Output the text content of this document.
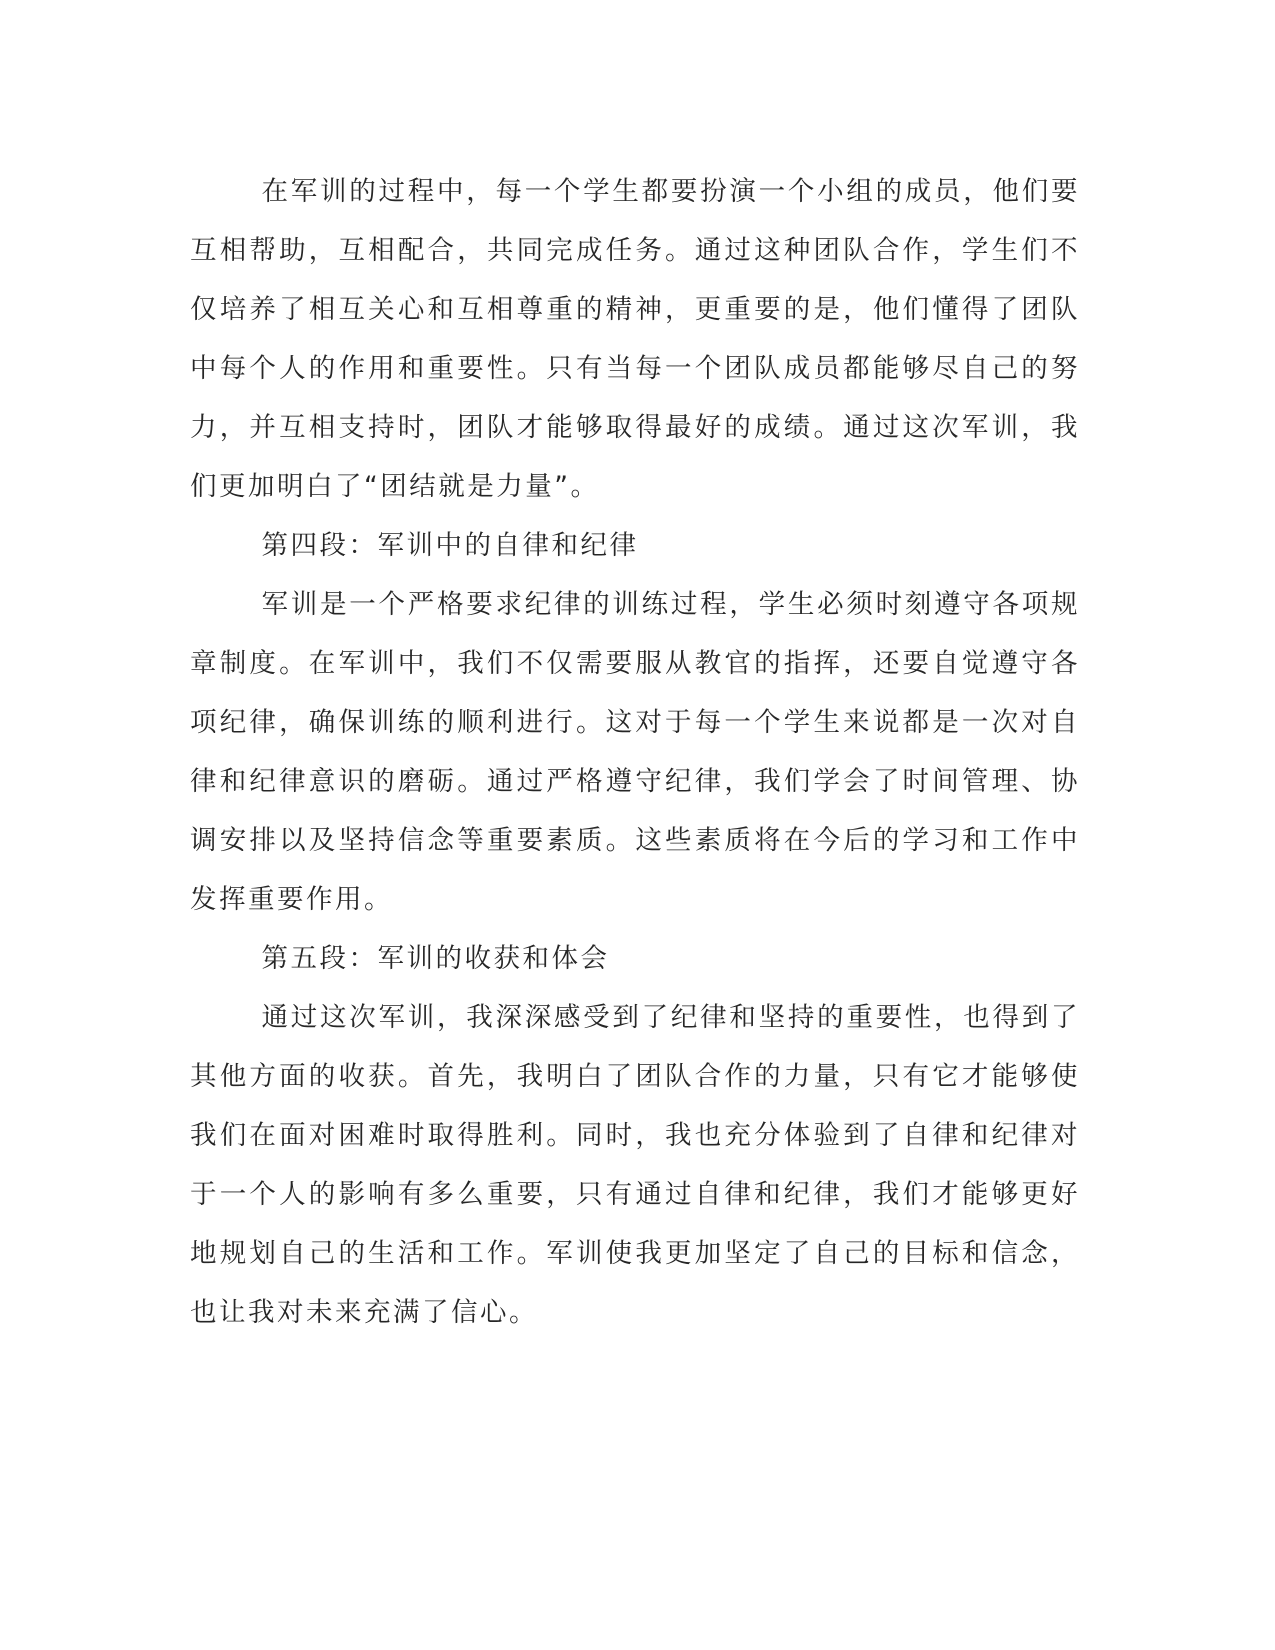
在军训的过程中，每一个学生都要扮演一个小组的成员，他们要互相帮助，互相配合，共同完成任务。通过这种团队合作，学生们不仅培养了相互关心和互相尊重的精神，更重要的是，他们懂得了团队中每个人的作用和重要性。只有当每一个团队成员都能够尽自己的努力，并互相支持时，团队才能够取得最好的成绩。通过这次军训，我们更加明白了“团结就是力量”。

第四段：军训中的自律和纪律

军训是一个严格要求纪律的训练过程，学生必须时刻遵守各项规章制度。在军训中，我们不仅需要服从教官的指挥，还要自觉遵守各项纪律，确保训练的顺利进行。这对于每一个学生来说都是一次对自律和纪律意识的磨砺。通过严格遵守纪律，我们学会了时间管理、协调安排以及坚持信念等重要素质。这些素质将在今后的学习和工作中发挥重要作用。

第五段：军训的收获和体会

通过这次军训，我深深感受到了纪律和坚持的重要性，也得到了其他方面的收获。首先，我明白了团队合作的力量，只有它才能够使我们在面对困难时取得胜利。同时，我也充分体验到了自律和纪律对于一个人的影响有多么重要，只有通过自律和纪律，我们才能够更好地规划自己的生活和工作。军训使我更加坚定了自己的目标和信念，也让我对未来充满了信心。
